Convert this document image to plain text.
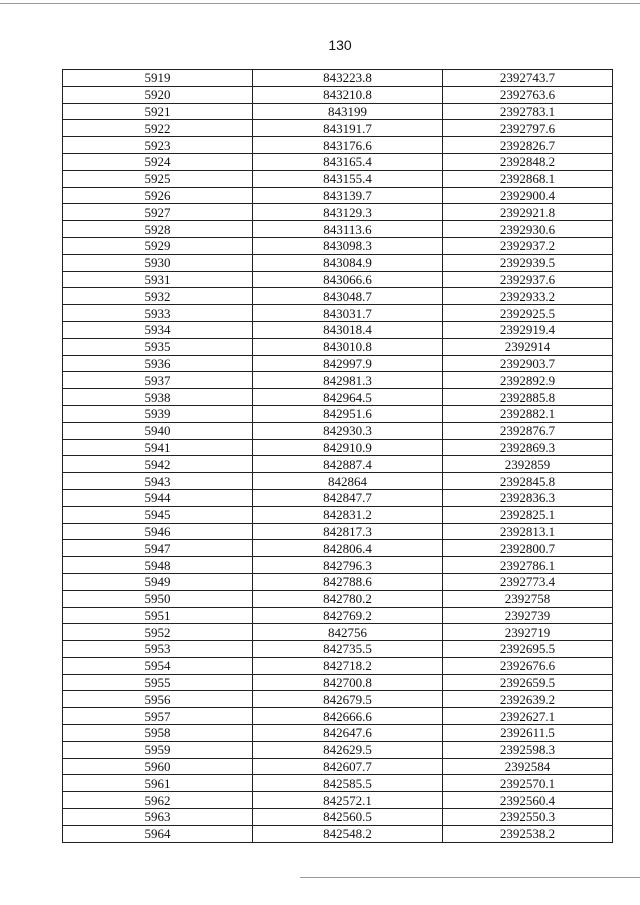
130
5919	843223.8	2392743.7
5920	843210.8	2392763.6
5921	843199	2392783.1
5922	843191.7	2392797.6
5923	843176.6	2392826.7
5924	843165.4	2392848.2
5925	843155.4	2392868.1
5926	843139.7	2392900.4
5927	843129.3	2392921.8
5928	843113.6	2392930.6
5929	843098.3	2392937.2
5930	843084.9	2392939.5
5931	843066.6	2392937.6
5932	843048.7	2392933.2
5933	843031.7	2392925.5
5934	843018.4	2392919.4
5935	843010.8	2392914
5936	842997.9	2392903.7
5937	842981.3	2392892.9
5938	842964.5	2392885.8
5939	842951.6	2392882.1
5940	842930.3	2392876.7
5941	842910.9	2392869.3
5942	842887.4	2392859
5943	842864	2392845.8
5944	842847.7	2392836.3
5945	842831.2	2392825.1
5946	842817.3	2392813.1
5947	842806.4	2392800.7
5948	842796.3	2392786.1
5949	842788.6	2392773.4
5950	842780.2	2392758
5951	842769.2	2392739
5952	842756	2392719
5953	842735.5	2392695.5
5954	842718.2	2392676.6
5955	842700.8	2392659.5
5956	842679.5	2392639.2
5957	842666.6	2392627.1
5958	842647.6	2392611.5
5959	842629.5	2392598.3
5960	842607.7	2392584
5961	842585.5	2392570.1
5962	842572.1	2392560.4
5963	842560.5	2392550.3
5964	842548.2	2392538.2
